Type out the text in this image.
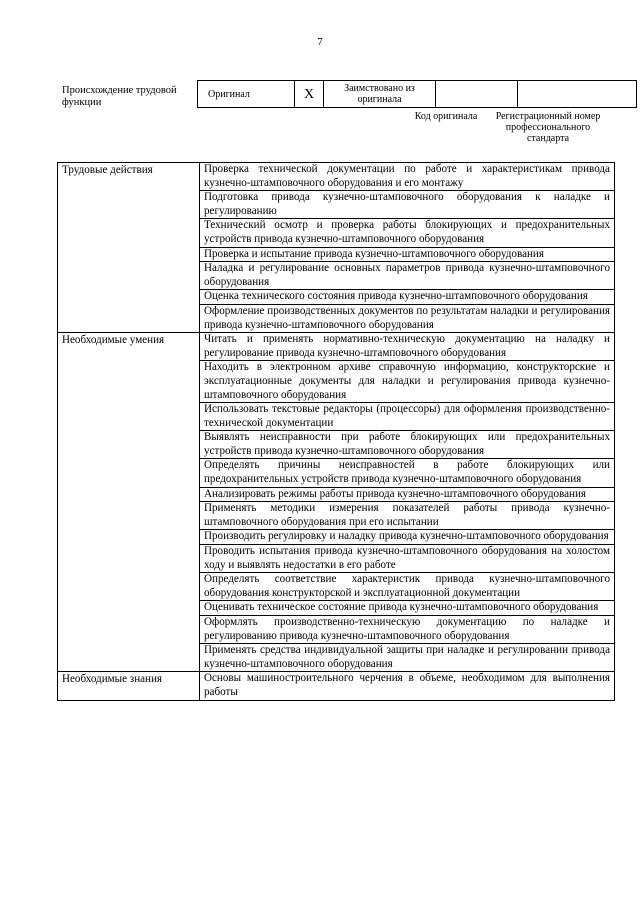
7
Происхождение трудовой функции
Оригинал	X	Заимствовано из оригинала		
Код оригинала	Регистрационный номер профессионального стандарта
Трудовые действия	Проверка технической документации по работе и характеристикам привода кузнечно-штамповочного оборудования и его монтажу
	Подготовка привода кузнечно-штамповочного оборудования к наладке и регулированию
	Технический осмотр и проверка работы блокирующих и предохранительных устройств привода кузнечно-штамповочного оборудования
	Проверка и испытание привода кузнечно-штамповочного оборудования
	Наладка и регулирование основных параметров привода кузнечно-штамповочного оборудования
	Оценка технического состояния привода кузнечно-штамповочного оборудования
	Оформление производственных документов по результатам наладки и регулирования привода кузнечно-штамповочного оборудования
Необходимые умения	Читать и применять нормативно-техническую документацию на наладку и регулирование привода кузнечно-штамповочного оборудования
	Находить в электронном архиве справочную информацию, конструкторские и эксплуатационные документы для наладки и регулирования привода кузнечно-штамповочного оборудования
	Использовать текстовые редакторы (процессоры) для оформления производственно-технической документации
	Выявлять неисправности при работе блокирующих или предохранительных устройств привода кузнечно-штамповочного оборудования
	Определять причины неисправностей в работе блокирующих или предохранительных устройств привода кузнечно-штамповочного оборудования
	Анализировать режимы работы привода кузнечно-штамповочного оборудования
	Применять методики измерения показателей работы привода кузнечно-штамповочного оборудования при его испытании
	Производить регулировку и наладку привода кузнечно-штамповочного оборудования
	Проводить испытания привода кузнечно-штамповочного оборудования на холостом ходу и выявлять недостатки в его работе
	Определять соответствие характеристик привода кузнечно-штамповочного оборудования конструкторской и эксплуатационной документации
	Оценивать техническое состояние привода кузнечно-штамповочного оборудования
	Оформлять производственно-техническую документацию по наладке и регулированию привода кузнечно-штамповочного оборудования
	Применять средства индивидуальной защиты при наладке и регулировании привода кузнечно-штамповочного оборудования
Необходимые знания	Основы машиностроительного черчения в объеме, необходимом для выполнения работы
